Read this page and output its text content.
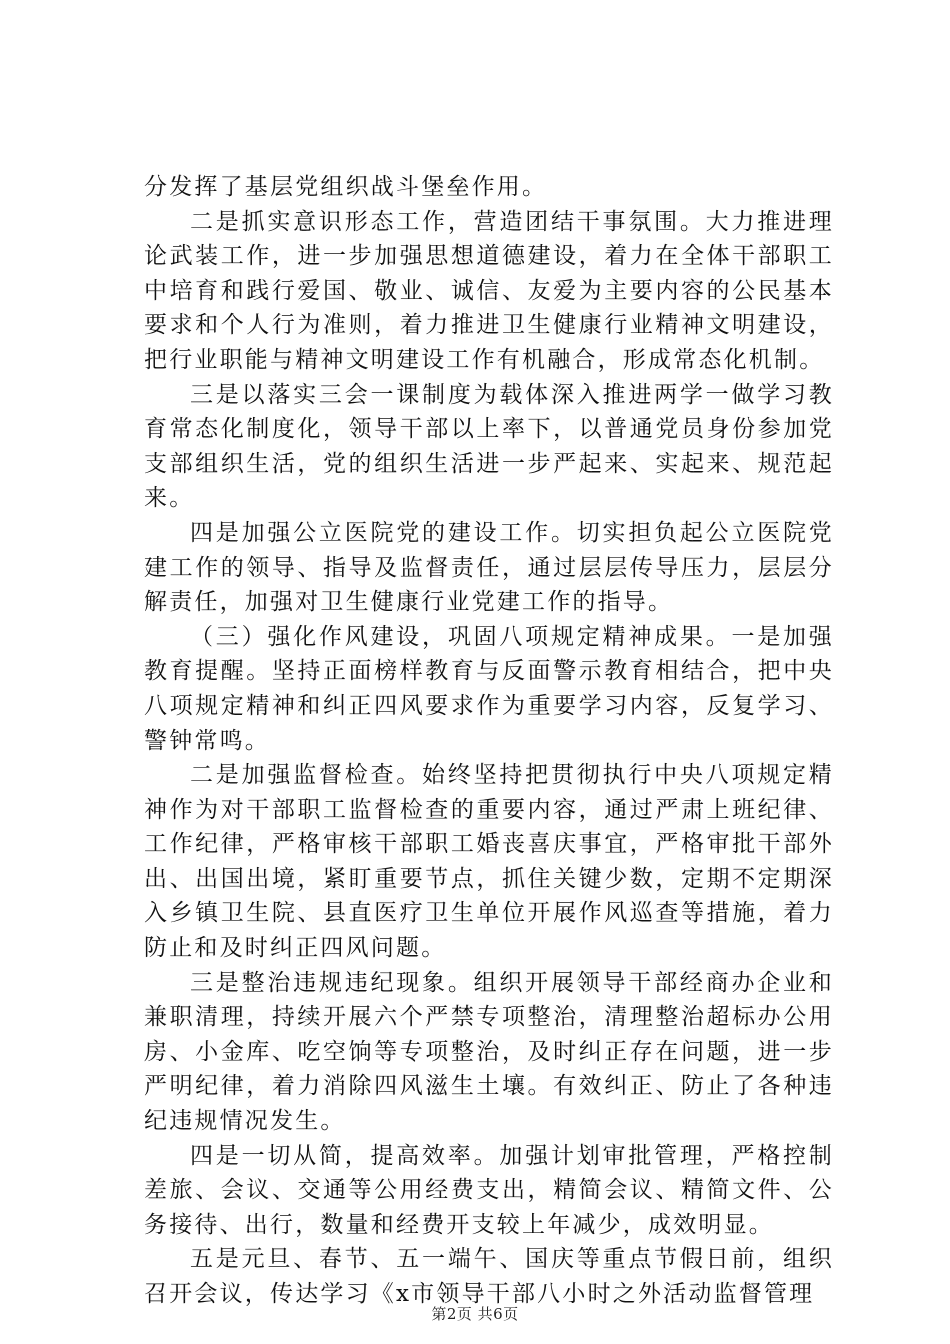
分发挥了基层党组织战斗堡垒作用。

二是抓实意识形态工作，营造团结干事氛围。大力推进理论武装工作，进一步加强思想道德建设，着力在全体干部职工中培育和践行爱国、敬业、诚信、友爱为主要内容的公民基本要求和个人行为准则，着力推进卫生健康行业精神文明建设，把行业职能与精神文明建设工作有机融合，形成常态化机制。

三是以落实三会一课制度为载体深入推进两学一做学习教育常态化制度化，领导干部以上率下，以普通党员身份参加党支部组织生活，党的组织生活进一步严起来、实起来、规范起来。

四是加强公立医院党的建设工作。切实担负起公立医院党建工作的领导、指导及监督责任，通过层层传导压力，层层分解责任，加强对卫生健康行业党建工作的指导。

（三）强化作风建设，巩固八项规定精神成果。一是加强教育提醒。坚持正面榜样教育与反面警示教育相结合，把中央八项规定精神和纠正四风要求作为重要学习内容，反复学习、警钟常鸣。

二是加强监督检查。始终坚持把贯彻执行中央八项规定精神作为对干部职工监督检查的重要内容，通过严肃上班纪律、工作纪律，严格审核干部职工婚丧喜庆事宜，严格审批干部外出、出国出境，紧盯重要节点，抓住关键少数，定期不定期深入乡镇卫生院、县直医疗卫生单位开展作风巡查等措施，着力防止和及时纠正四风问题。

三是整治违规违纪现象。组织开展领导干部经商办企业和兼职清理，持续开展六个严禁专项整治，清理整治超标办公用房、小金库、吃空饷等专项整治，及时纠正存在问题，进一步严明纪律，着力消除四风滋生土壤。有效纠正、防止了各种违纪违规情况发生。

四是一切从简，提高效率。加强计划审批管理，严格控制差旅、会议、交通等公用经费支出，精简会议、精简文件、公务接待、出行，数量和经费开支较上年减少，成效明显。

五是元旦、春节、五一端午、国庆等重点节假日前，组织召开会议，传达学习《x市领导干部八小时之外活动监督管理

第2页 共6页
